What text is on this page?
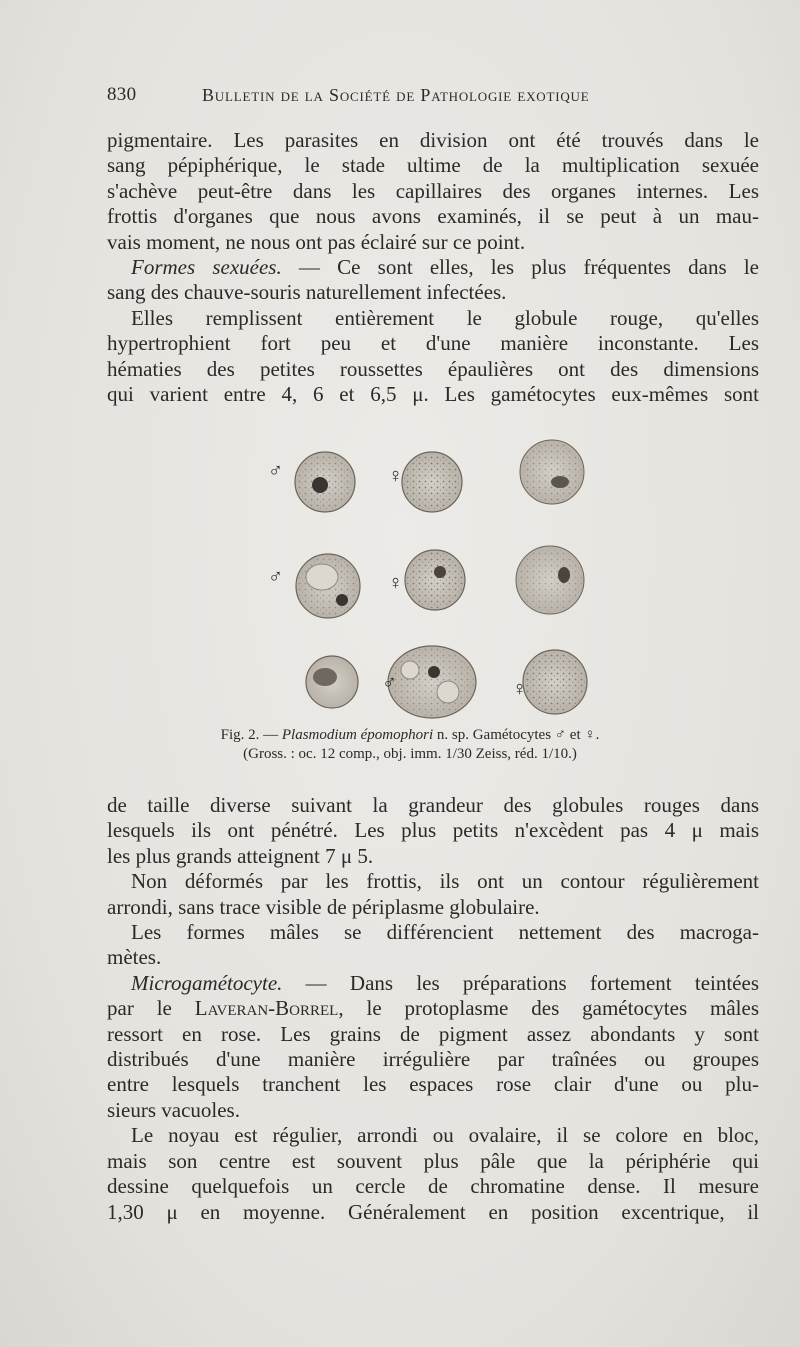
830	Bulletin de la Société de Pathologie exotique
pigmentaire. Les parasites en division ont été trouvés dans le
sang pépiphérique, le stade ultime de la multiplication sexuée
s'achève peut-être dans les capillaires des organes internes. Les
frottis d'organes que nous avons examinés, il se peut à un mau-
vais moment, ne nous ont pas éclairé sur ce point.
Formes sexuées. — Ce sont elles, les plus fréquentes dans le
sang des chauve-souris naturellement infectées.
Elles remplissent entièrement le globule rouge, qu'elles
hypertrophient fort peu et d'une manière inconstante. Les
hématies des petites roussettes épaulières ont des dimensions
qui varient entre 4, 6 et 6,5 μ. Les gamétocytes eux-mêmes sont
♂	♀
♂	♀
♂	♀
Fig. 2. — Plasmodium épomophori n. sp. Gamétocytes ♂ et ♀.
(Gross. : oc. 12 comp., obj. imm. 1/30 Zeiss, réd. 1/10.)
de taille diverse suivant la grandeur des globules rouges dans
lesquels ils ont pénétré. Les plus petits n'excèdent pas 4 μ mais
les plus grands atteignent 7 μ 5.
Non déformés par les frottis, ils ont un contour régulièrement
arrondi, sans trace visible de périplasme globulaire.
Les formes mâles se différencient nettement des macroga-
mètes.
Microgamétocyte. — Dans les préparations fortement teintées
par le Laveran-Borrel, le protoplasme des gamétocytes mâles
ressort en rose. Les grains de pigment assez abondants y sont
distribués d'une manière irrégulière par traînées ou groupes
entre lesquels tranchent les espaces rose clair d'une ou plu-
sieurs vacuoles.
Le noyau est régulier, arrondi ou ovalaire, il se colore en bloc,
mais son centre est souvent plus pâle que la périphérie qui
dessine quelquefois un cercle de chromatine dense. Il mesure
1,30 μ en moyenne. Généralement en position excentrique, il
